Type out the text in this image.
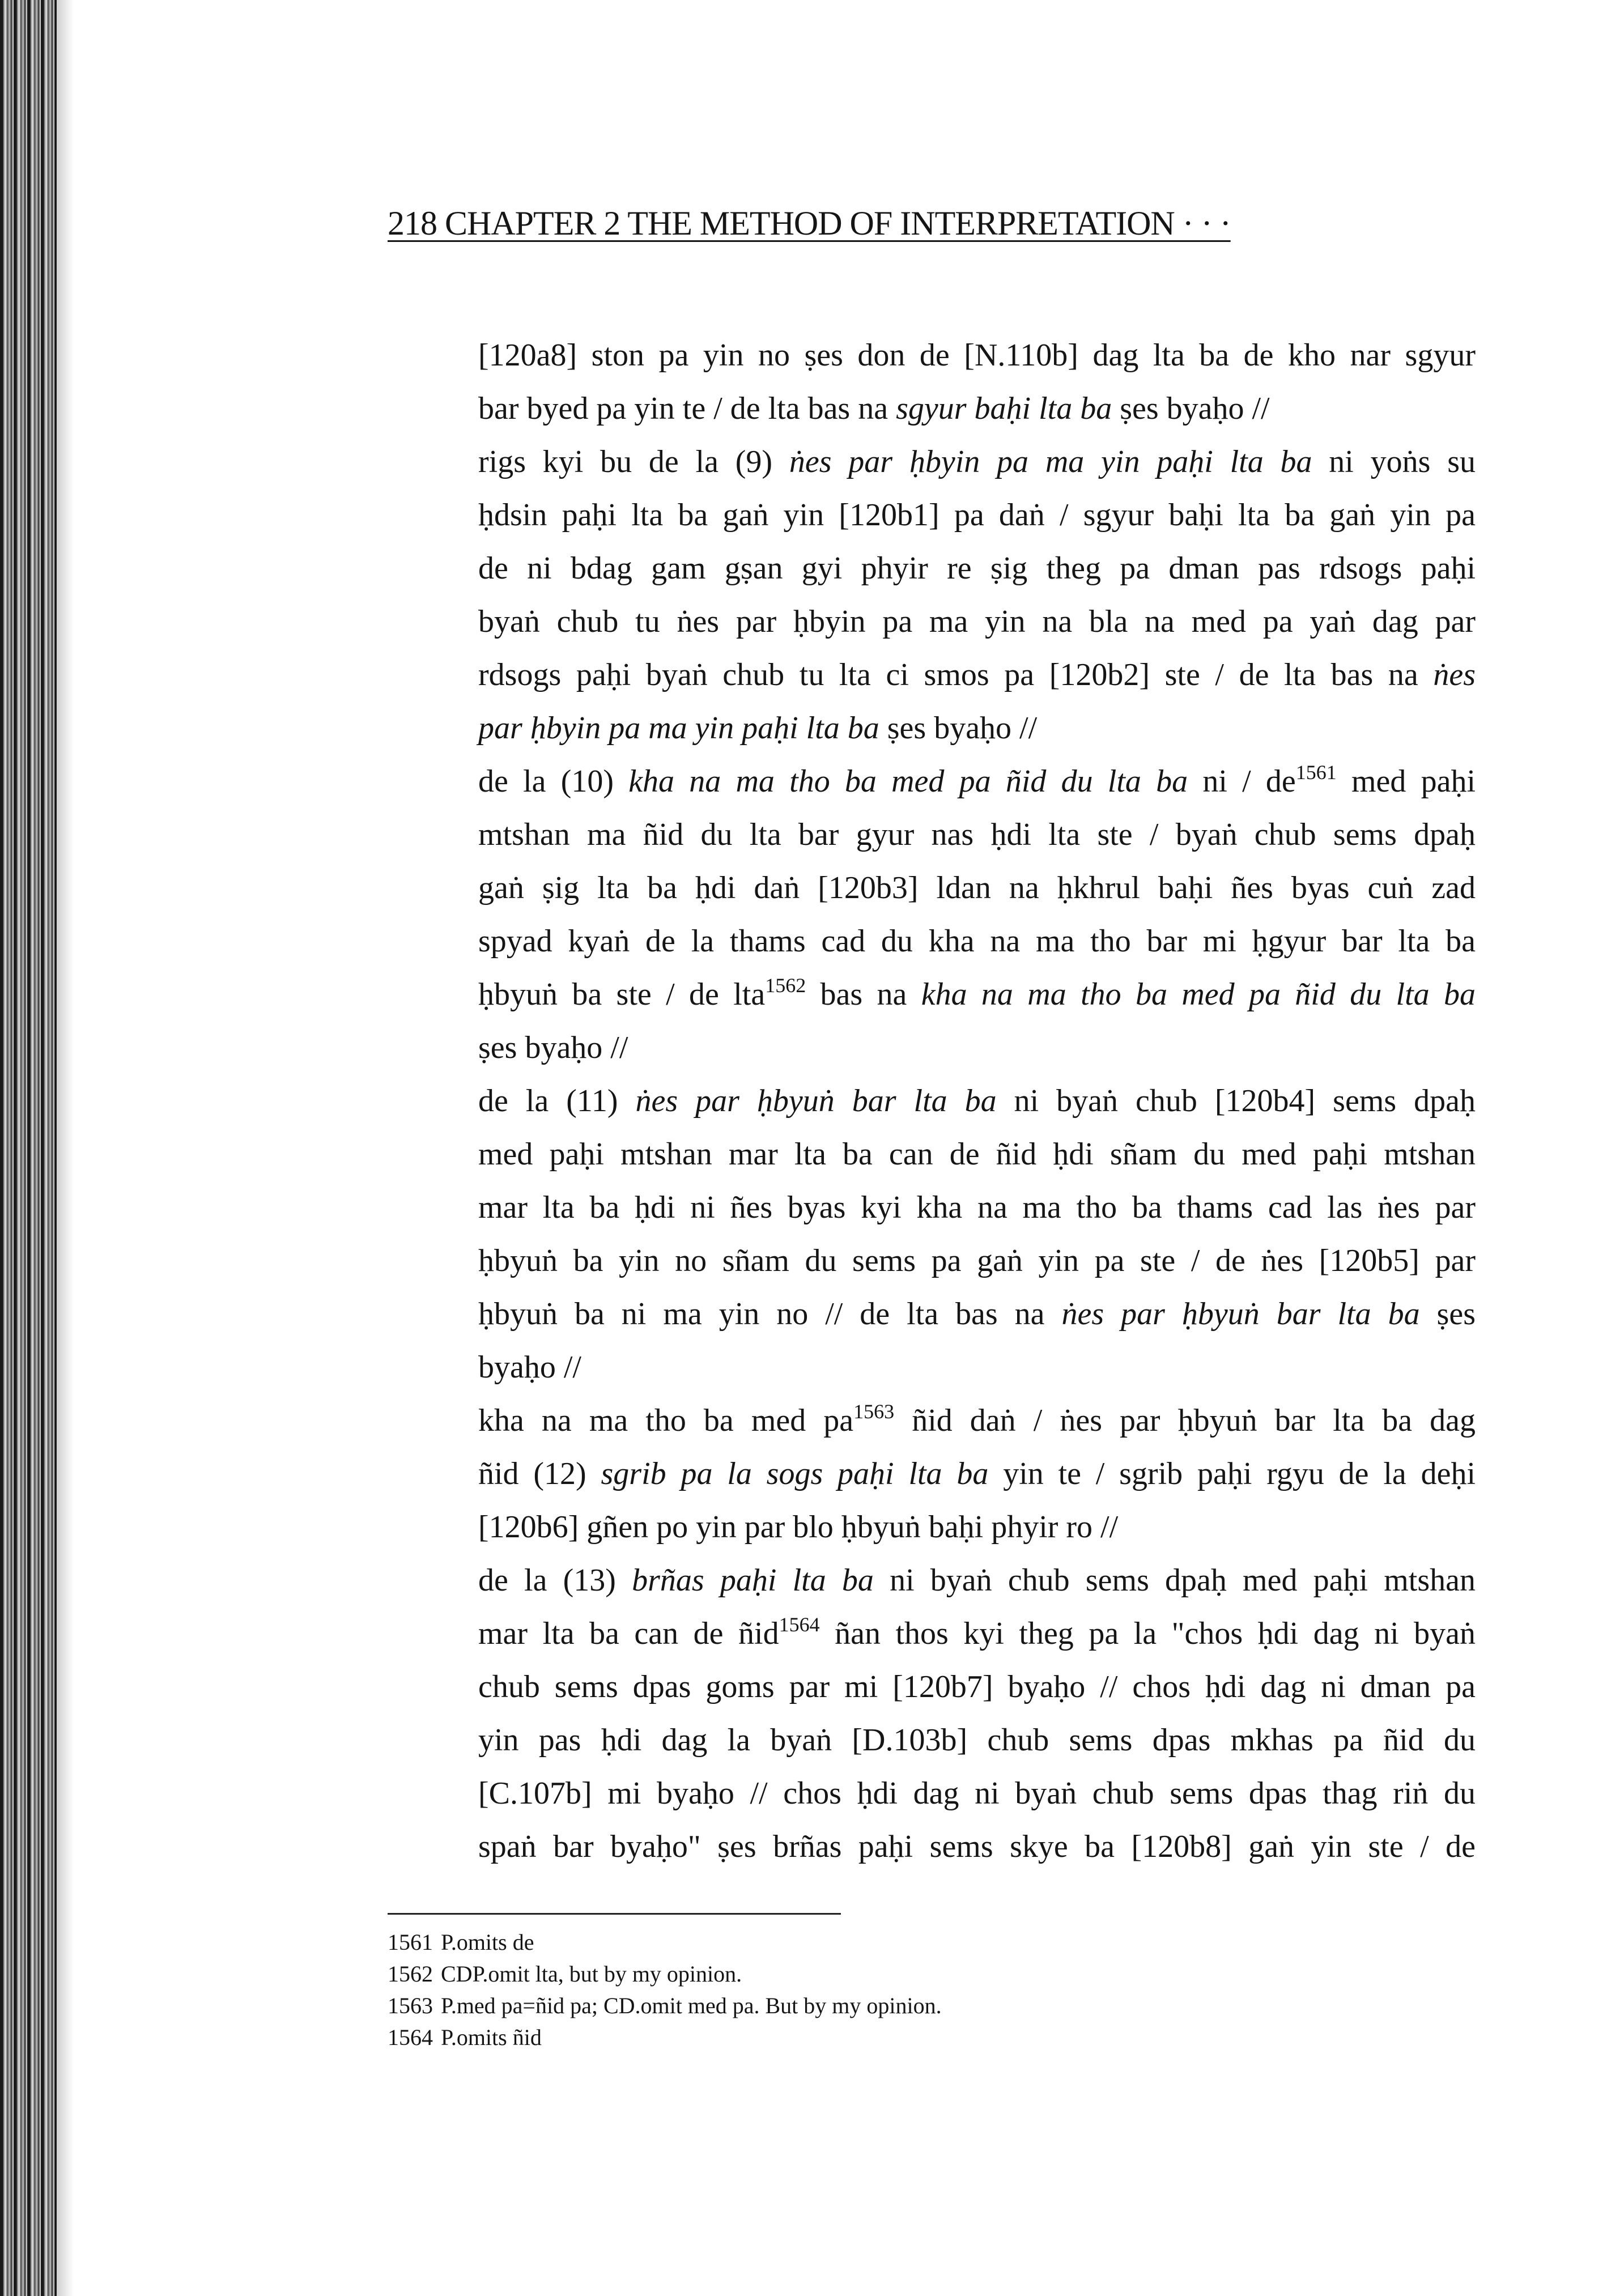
218 CHAPTER 2 THE METHOD OF INTERPRETATION · · ·
[120a8] ston pa yin no ṣes don de [N.110b] dag lta ba de kho nar sgyur
bar byed pa yin te / de lta bas na sgyur baḥi lta ba ṣes byaḥo //
rigs kyi bu de la (9) ṅes par ḥbyin pa ma yin paḥi lta ba ni yoṅs su
ḥdsin paḥi lta ba gaṅ yin [120b1] pa daṅ / sgyur baḥi lta ba gaṅ yin pa
de ni bdag gam gṣan gyi phyir re ṣig theg pa dman pas rdsogs paḥi
byaṅ chub tu ṅes par ḥbyin pa ma yin na bla na med pa yaṅ dag par
rdsogs paḥi byaṅ chub tu lta ci smos pa [120b2] ste / de lta bas na ṅes
par ḥbyin pa ma yin paḥi lta ba ṣes byaḥo //
de la (10) kha na ma tho ba med pa ñid du lta ba ni / $de^{1561}$ med paḥi
mtshan ma ñid du lta bar gyur nas ḥdi lta ste / byaṅ chub sems dpaḥ
gaṅ ṣig lta ba ḥdi daṅ [120b3] ldan na ḥkhrul baḥi ñes byas cuṅ zad
spyad kyaṅ de la thams cad du kha na ma tho bar mi ḥgyur bar lta ba
ḥbyuṅ ba ste / de lta$^{1562}$ bas na kha na ma tho ba med pa ñid du lta ba
ṣes byaḥo //
de la (11) ṅes par ḥbyuṅ bar lta ba ni byaṅ chub [120b4] sems dpaḥ
med paḥi mtshan mar lta ba can de ñid ḥdi sñam du med paḥi mtshan
mar lta ba ḥdi ni ñes byas kyi kha na ma tho ba thams cad las ṅes par
ḥbyuṅ ba yin no sñam du sems pa gaṅ yin pa ste / de ṅes [120b5] par
ḥbyuṅ ba ni ma yin no // de lta bas na ṅes par ḥbyuṅ bar lta ba ṣes
byaḥo //
kha na ma tho ba med $pa^{1563}$ ñid daṅ / ṅes par ḥbyuṅ bar lta ba dag
ñid (12) sgrib pa la sogs paḥi lta ba yin te / sgrib paḥi rgyu de la deḥi
[120b6] gñen po yin par blo ḥbyuṅ baḥi phyir ro //
de la (13) brñas paḥi lta ba ni byaṅ chub sems dpaḥ med paḥi mtshan
mar lta ba can de ñid$^{1564}$ ñan thos kyi theg pa la "chos ḥdi dag ni byaṅ
chub sems dpas goms par mi [120b7] byaḥo // chos ḥdi dag ni dman pa
yin pas ḥdi dag la byaṅ [D.103b] chub sems dpas mkhas pa ñid du
[C.107b] mi byaḥo // chos ḥdi dag ni byaṅ chub sems dpas thag riṅ du
spaṅ bar byaḥo" ṣes brñas paḥi sems skye ba [120b8] gaṅ yin ste / de
1561 P.omits de
1562 CDP.omit lta, but by my opinion.
1563 P.med pa=ñid pa; CD.omit med pa. But by my opinion.
1564 P.omits ñid
